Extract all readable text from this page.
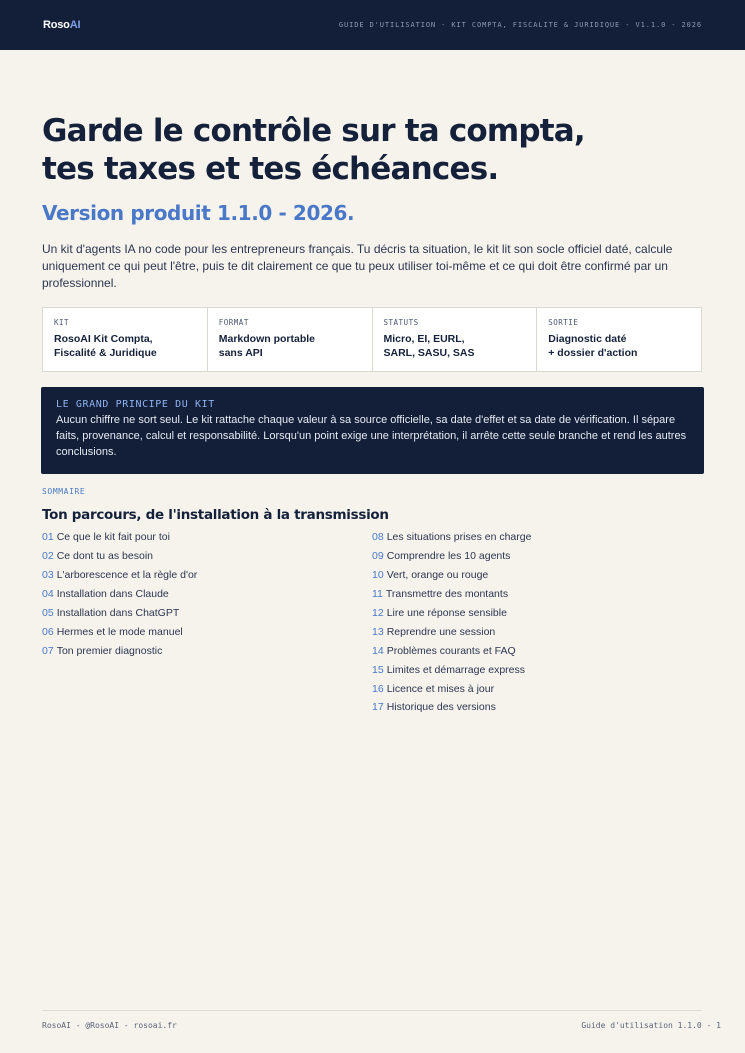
RosoAI	GUIDE D'UTILISATION - KIT COMPTA, FISCALITE & JURIDIQUE - V1.1.0 - 2026
Garde le contrôle sur ta compta,
tes taxes et tes échéances.
Version produit 1.1.0 - 2026.

Un kit d'agents IA no code pour les entrepreneurs français. Tu décris ta situation, le kit lit son socle officiel daté, calcule uniquement ce qui peut l'être, puis te dit clairement ce que tu peux utiliser toi-même et ce qui doit être confirmé par un professionnel.

KIT
RosoAI Kit Compta,
Fiscalité & Juridique
FORMAT
Markdown portable
sans API
STATUTS
Micro, EI, EURL,
SARL, SASU, SAS
SORTIE
Diagnostic daté
+ dossier d'action
LE GRAND PRINCIPE DU KIT
Aucun chiffre ne sort seul. Le kit rattache chaque valeur à sa source officielle, sa date d'effet et sa date de vérification. Il sépare faits, provenance, calcul et responsabilité. Lorsqu'un point exige une interprétation, il arrête cette seule branche et rend les autres conclusions.
SOMMAIRE
Ton parcours, de l'installation à la transmission
01 Ce que le kit fait pour toi
02 Ce dont tu as besoin
03 L'arborescence et la règle d'or
04 Installation dans Claude
05 Installation dans ChatGPT
06 Hermes et le mode manuel
07 Ton premier diagnostic
08 Les situations prises en charge
09 Comprendre les 10 agents
10 Vert, orange ou rouge
11 Transmettre des montants
12 Lire une réponse sensible
13 Reprendre une session
14 Problèmes courants et FAQ
15 Limites et démarrage express
16 Licence et mises à jour
17 Historique des versions
RosoAI - @RosoAI - rosoai.fr	Guide d'utilisation 1.1.0 - 1
